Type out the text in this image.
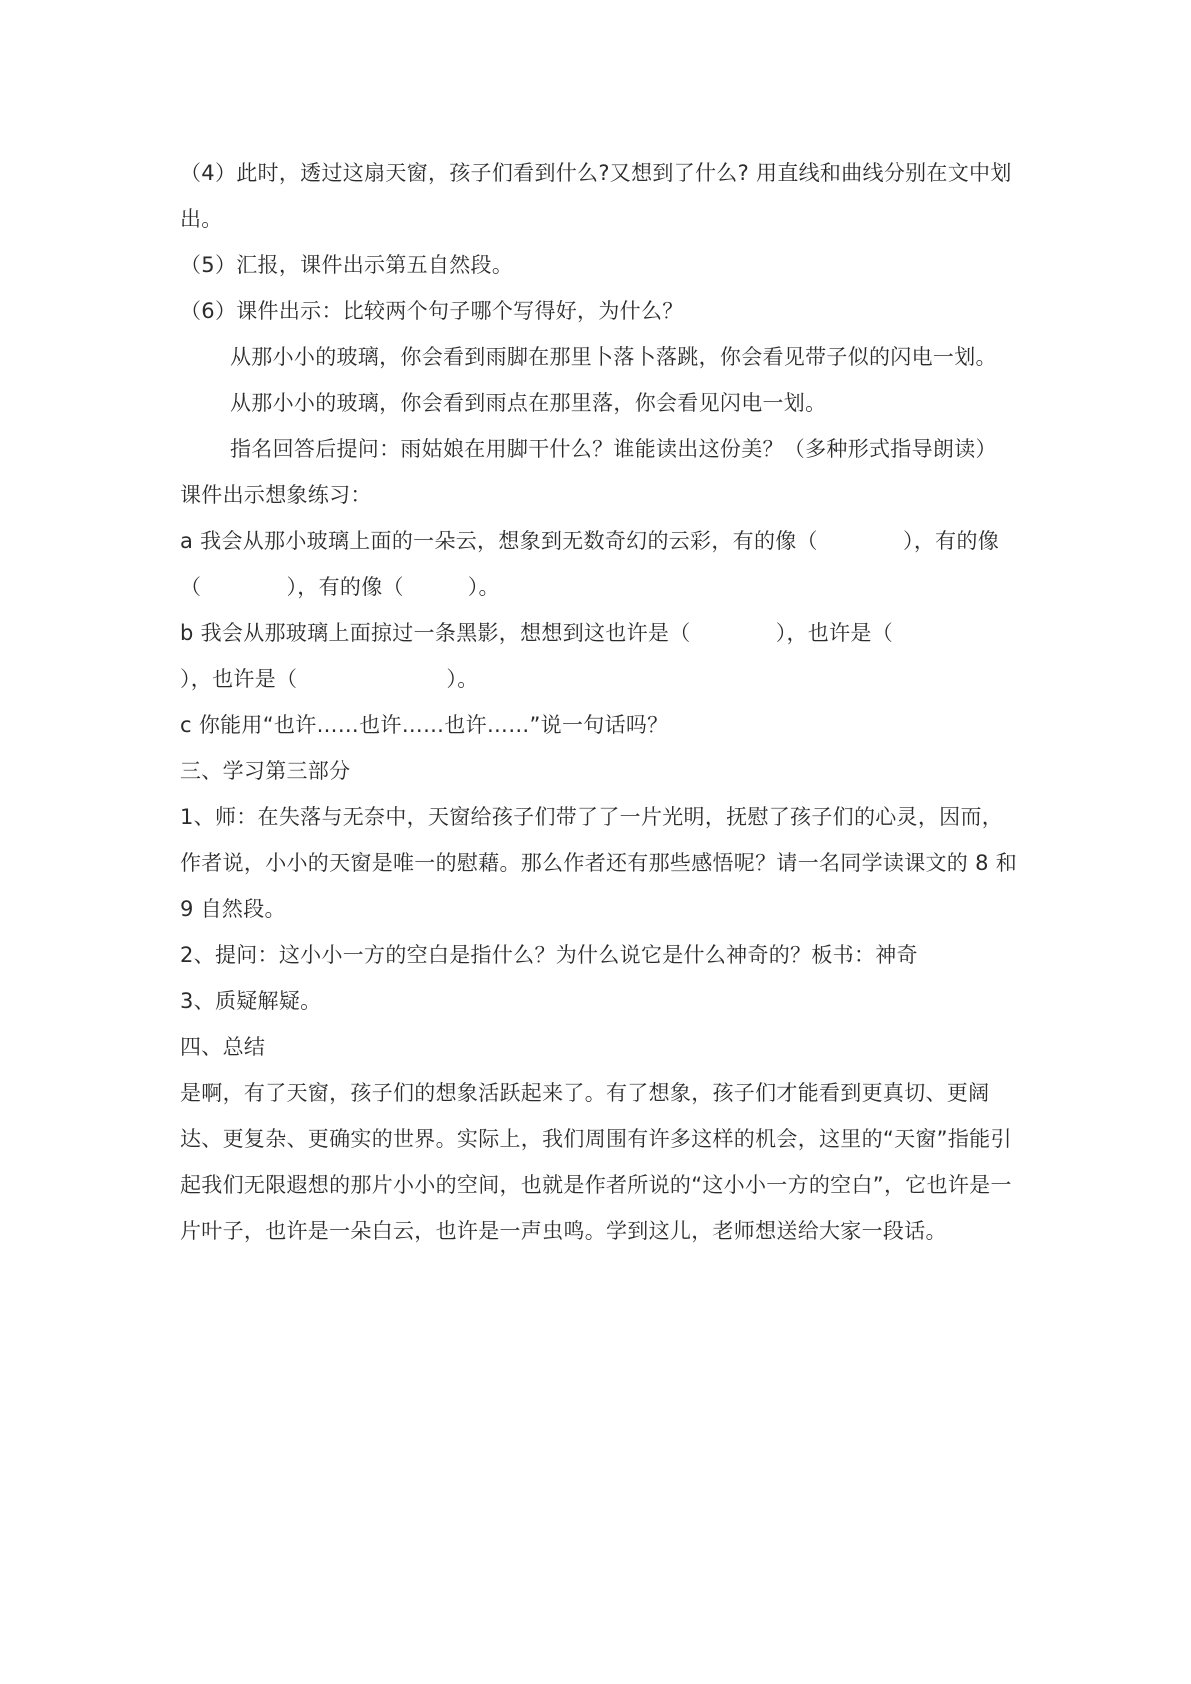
（4）此时，透过这扇天窗，孩子们看到什么?又想到了什么? 用直线和曲线分别在文中划出。

（5）汇报，课件出示第五自然段。

（6）课件出示：比较两个句子哪个写得好，为什么？

从那小小的玻璃，你会看到雨脚在那里卜落卜落跳，你会看见带子似的闪电一划。

从那小小的玻璃，你会看到雨点在那里落，你会看见闪电一划。

指名回答后提问：雨姑娘在用脚干什么？谁能读出这份美？（多种形式指导朗读）

课件出示想象练习：

a 我会从那小玻璃上面的一朵云，想象到无数奇幻的云彩，有的像（　　　　），有的像（　　　　），有的像（　　　）。

b 我会从那玻璃上面掠过一条黑影，想想到这也许是（　　　　），也许是（　　　　　），也许是（　　　　　　　）。

c 你能用“也许……也许……也许……”说一句话吗？

三、学习第三部分

1、师：在失落与无奈中，天窗给孩子们带了了一片光明，抚慰了孩子们的心灵，因而，作者说，小小的天窗是唯一的慰藉。那么作者还有那些感悟呢？请一名同学读课文的 8 和 9 自然段。

2、提问：这小小一方的空白是指什么？为什么说它是什么神奇的？板书：神奇

3、质疑解疑。

四、总结

是啊，有了天窗，孩子们的想象活跃起来了。有了想象，孩子们才能看到更真切、更阔达、更复杂、更确实的世界。实际上，我们周围有许多这样的机会，这里的“天窗”指能引起我们无限遐想的那片小小的空间，也就是作者所说的“这小小一方的空白”，它也许是一片叶子，也许是一朵白云，也许是一声虫鸣。学到这儿，老师想送给大家一段话。
